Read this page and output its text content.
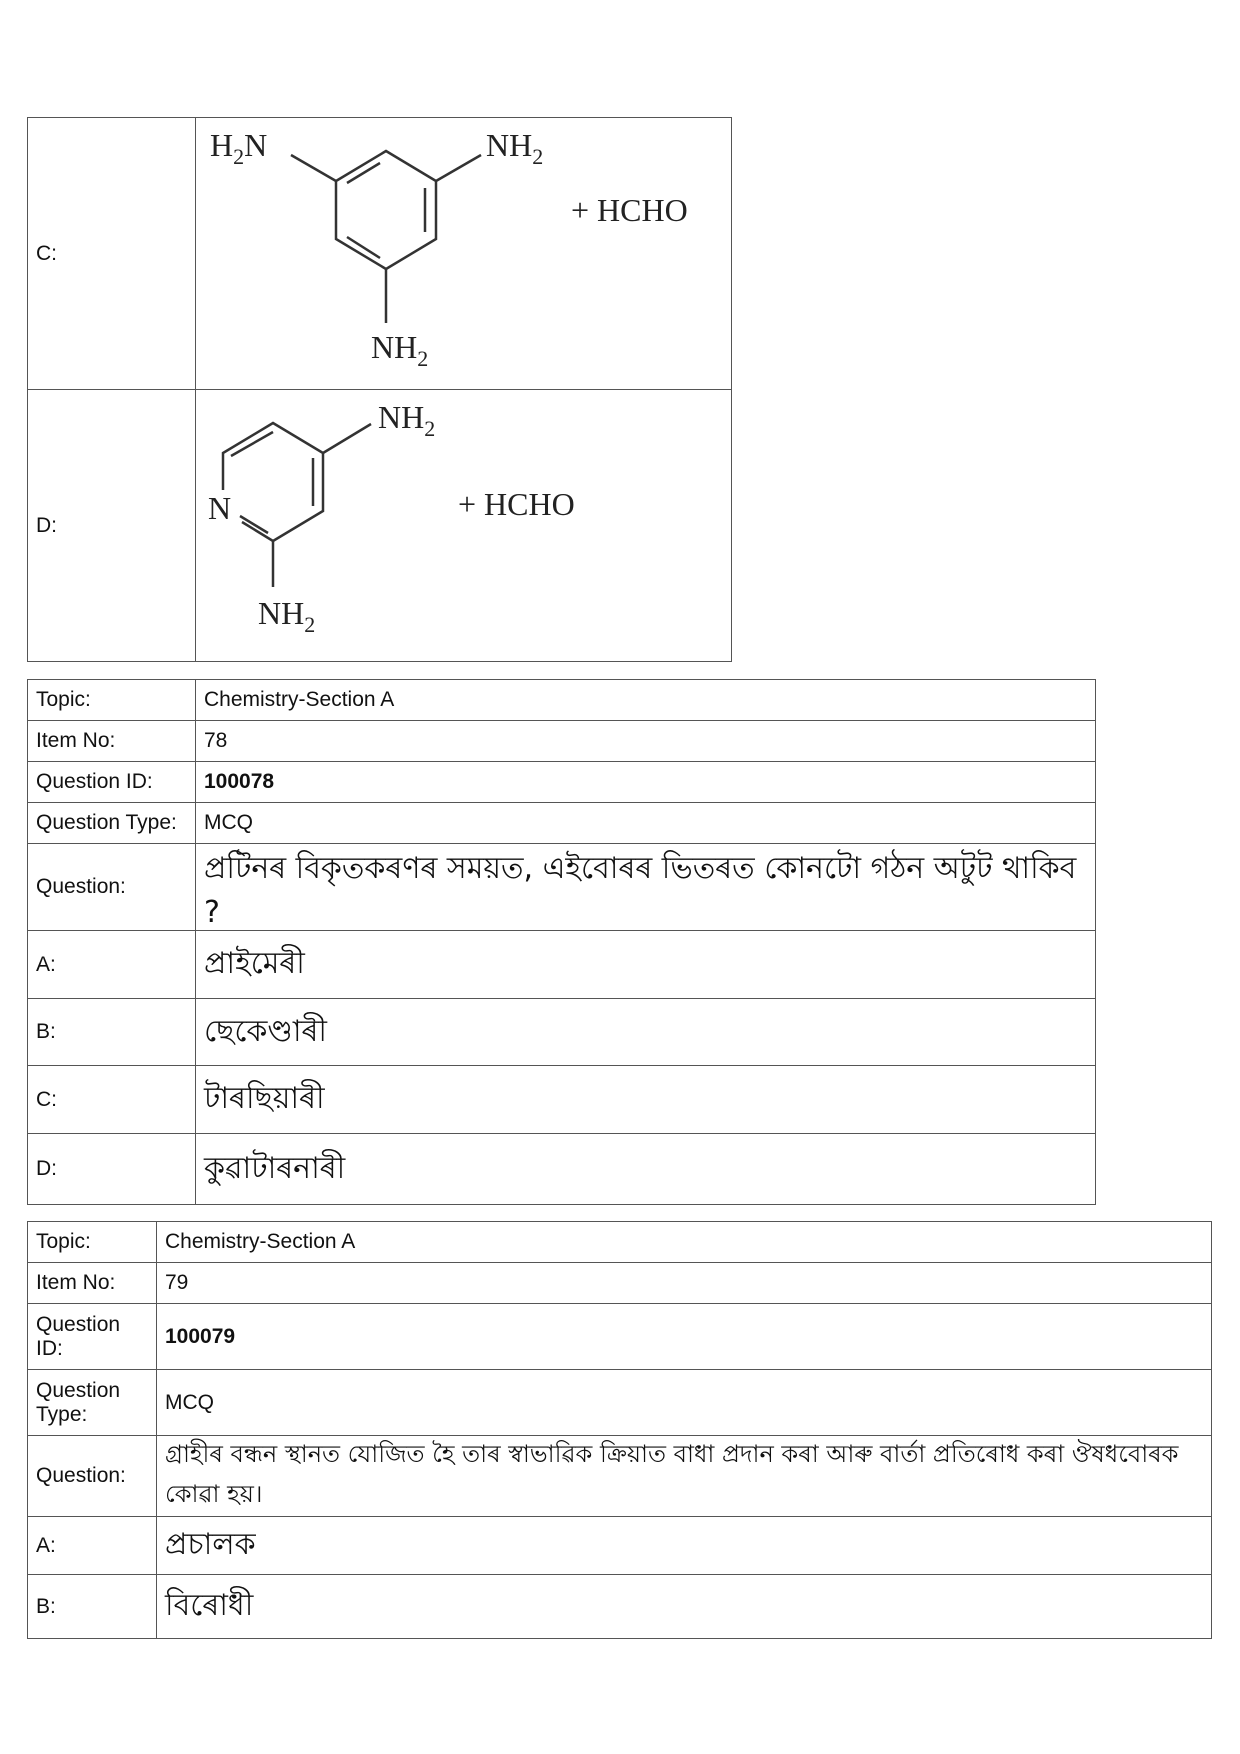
C:	$H_2N$ $NH_2$
$NH_2$
+ HCHO

D:	N
$NH_2$
$NH_2$
+ HCHO
Topic:	Chemistry-Section A
Item No:	78
Question ID:	100078
Question Type:	MCQ
Question:	প্ৰটিনৰ বিকৃতকৰণৰ সময়ত, এইবোৰৰ ভিতৰত কোনটো গঠন অটুট থাকিব ?
A:	প্ৰাইমেৰী
B:	ছেকেণ্ডাৰী
C:	টাৰছিয়াৰী
D:	কুৱাটাৰনাৰী
Topic:	Chemistry-Section A
Item No:	79
Question ID:	100079
Question Type:	MCQ
Question:	গ্ৰাহীৰ বন্ধন স্থানত যোজিত হৈ তাৰ স্বাভাৱিক ক্ৰিয়াত বাধা প্ৰদান কৰা আৰু বাৰ্তা প্ৰতিৰোধ কৰা ঔষধবোৰক কোৱা হয়।
A:	প্ৰচালক
B:	বিৰোধী
